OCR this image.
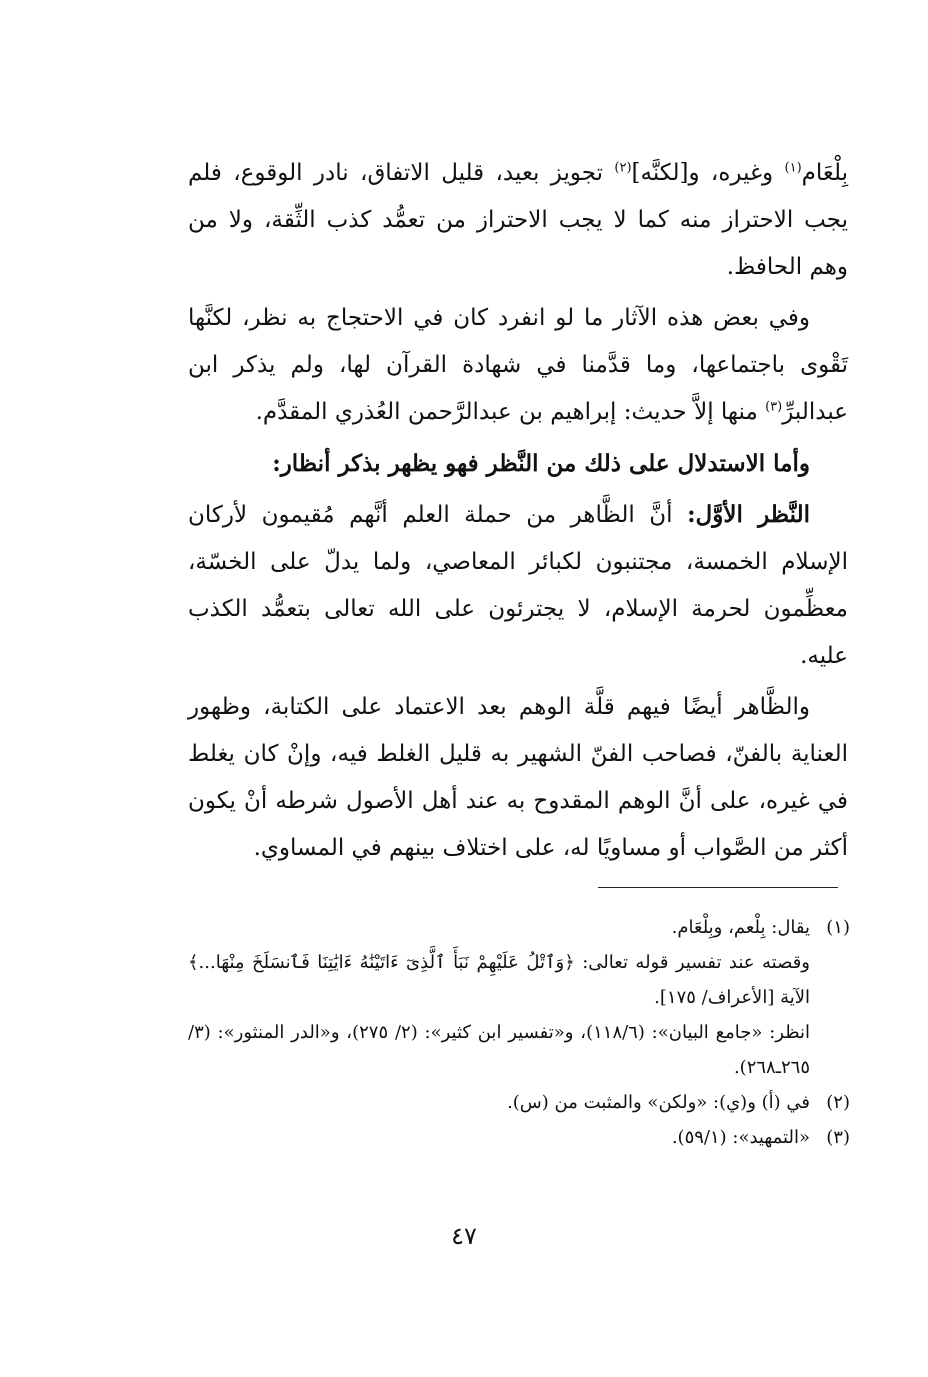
بِلْعَام$^{(١)}$ وغيره، و[لكنَّه]$^{(٢)}$ تجويز بعيد، قليل الاتفاق، نادر الوقوع، فلم يجب الاحتراز منه كما لا يجب الاحتراز من تعمُّد كذب الثِّقة، ولا من وهم الحافظ.

وفي بعض هذه الآثار ما لو انفرد كان في الاحتجاج به نظر، لكنَّها تَقْوى باجتماعها، وما قدَّمنا في شهادة القرآن لها، ولم يذكر ابن عبدالبرِّ$^{(٣)}$ منها إلاَّ حديث: إبراهيم بن عبدالرَّحمن العُذري المقدَّم.

وأما الاستدلال على ذلك من النَّظر فهو يظهر بذكر أنظار:

النَّظر الأوَّل: أنَّ الظَّاهر من حملة العلم أنَّهم مُقيمون لأركان الإسلام الخمسة، مجتنبون لكبائر المعاصي، ولما يدلّ على الخسّة، معظِّمون لحرمة الإسلام، لا يجترئون على الله تعالى بتعمُّد الكذب عليه.

والظَّاهر أيضًا فيهم قلَّة الوهم بعد الاعتماد على الكتابة، وظهور العناية بالفنّ، فصاحب الفنّ الشهير به قليل الغلط فيه، وإنْ كان يغلط في غيره، على أنَّ الوهم المقدوح به عند أهل الأصول شرطه أنْ يكون أكثر من الصَّواب أو مساويًا له، على اختلاف بينهم في المساوي.

(١)
يقال: بِلْعم، وبِلْعَام.
وقصته عند تفسير قوله تعالى: ﴿وَٱتْلُ عَلَيْهِمْ نَبَأَ ٱلَّذِىٓ ءَاتَيْنَٰهُ ءَايَٰتِنَا فَٱنسَلَخَ مِنْهَا...﴾ الآية [الأعراف/ ١٧٥].
انظر: «جامع البيان»: (١١٨/٦)، و«تفسير ابن كثير»: (٢/ ٢٧٥)، و«الدر المنثور»: (٣/ ٢٦٥ـ٢٦٨).
(٢)
في (أ) و(ي): «ولكن» والمثبت من (س).
(٣)
«التمهيد»: (٥٩/١).
٤٧
